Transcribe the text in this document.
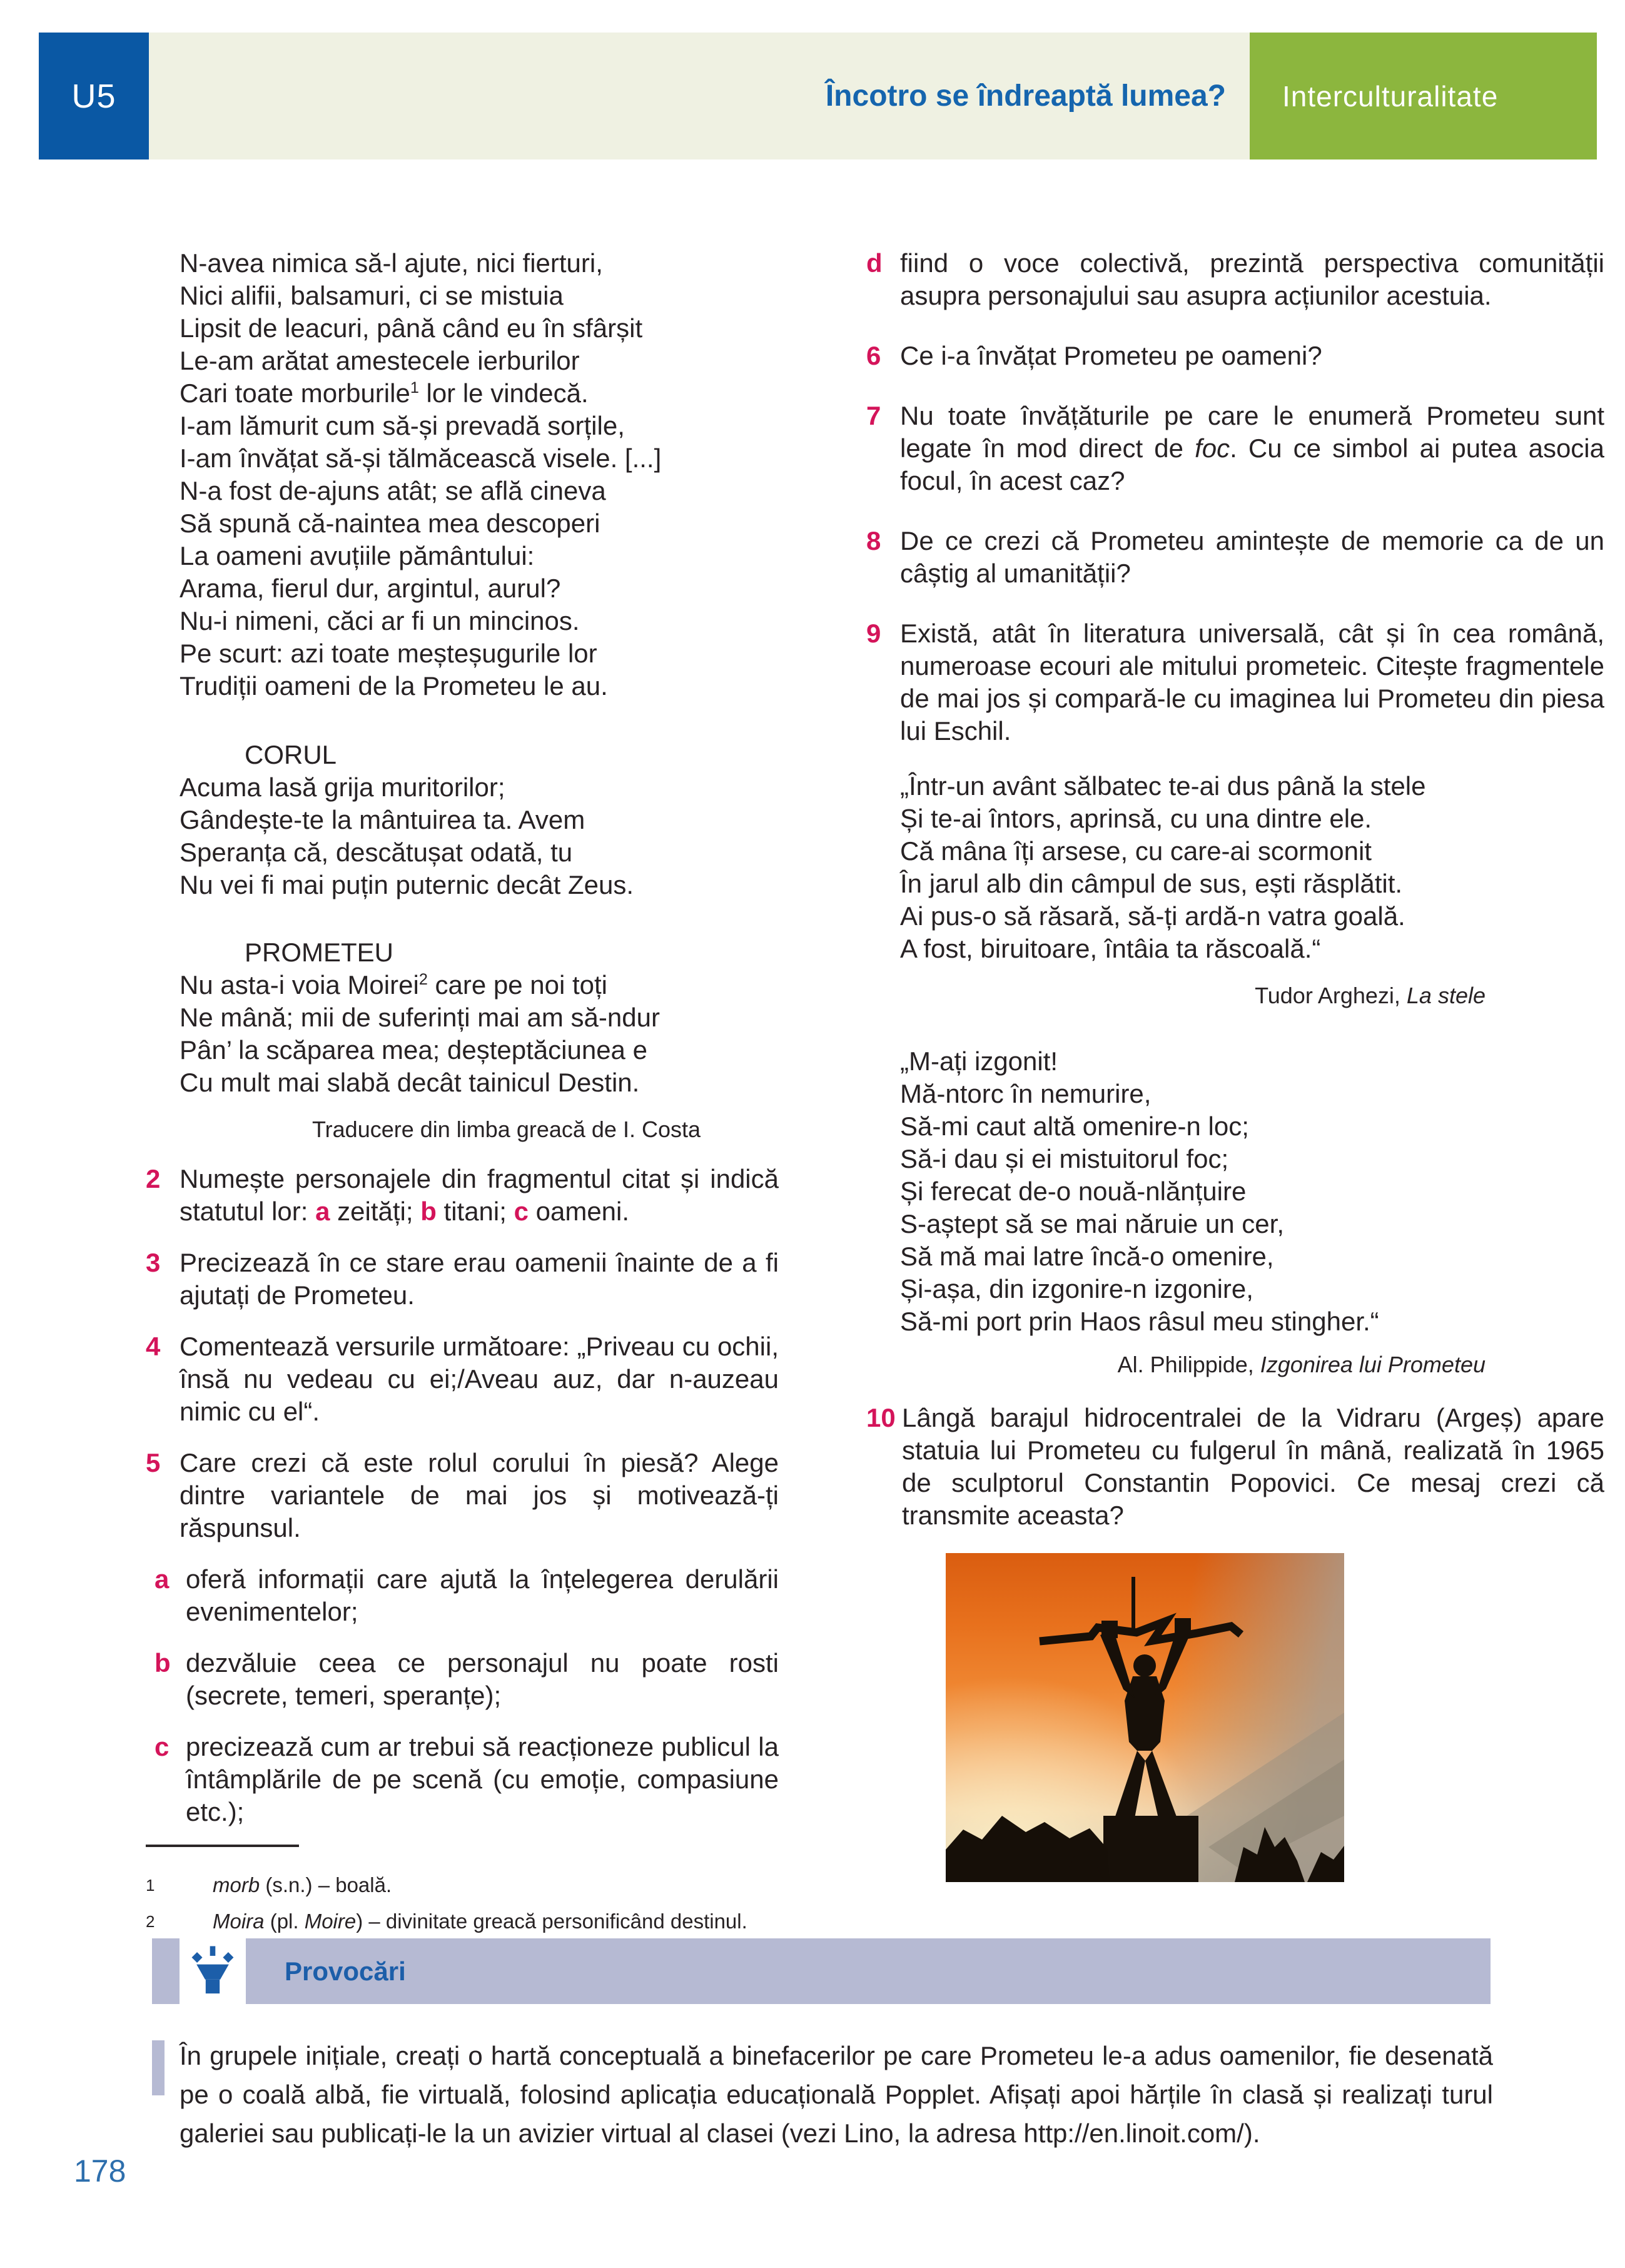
U5	Încotro se îndreaptă lumea?	Interculturalitate
N-avea nimica să-l ajute, nici fierturi,
Nici alifii, balsamuri, ci se mistuia
Lipsit de leacuri, până când eu în sfârșit
Le-am arătat amestecele ierburilor
Cari toate morburile$^1$ lor le vindecă.
I-am lămurit cum să-și prevadă sorțile,
I-am învățat să-și tălmăcească visele. [...]
N-a fost de-ajuns atât; se află cineva
Să spună că-naintea mea descoperi
La oameni avuțiile pământului:
Arama, fierul dur, argintul, aurul?
Nu-i nimeni, căci ar fi un mincinos.
Pe scurt: azi toate meșteșugurile lor
Trudiții oameni de la Prometeu le au.
CORUL
Acuma lasă grija muritorilor;
Gândește-te la mântuirea ta. Avem
Speranța că, descătușat odată, tu
Nu vei fi mai puțin puternic decât Zeus.
PROMETEU
Nu asta-i voia Moirei$^2$ care pe noi toți
Ne mână; mii de suferinți mai am să-ndur
Pân’ la scăparea mea; deșteptăciunea e
Cu mult mai slabă decât tainicul Destin.
Traducere din limba greacă de I. Costa
2 Numește personajele din fragmentul citat și indică statutul lor: a zeități; b titani; c oameni.
3 Precizează în ce stare erau oamenii înainte de a fi ajutați de Prometeu.
4 Comentează versurile următoare: „Priveau cu ochii, însă nu vedeau cu ei;/Aveau auz, dar n-auzeau nimic cu el“.
5 Care crezi că este rolul corului în piesă? Alege dintre variantele de mai jos și motivează-ți răspunsul.
a oferă informații care ajută la înțelegerea derulării evenimentelor;
b dezvăluie ceea ce personajul nu poate rosti (secrete, temeri, speranțe);
c precizează cum ar trebui să reacționeze publicul la întâmplările de pe scenă (cu emoție, compasiune etc.);
1	morb (s.n.) – boală.
2	Moira (pl. Moire) – divinitate greacă personificând destinul.
d fiind o voce colectivă, prezintă perspectiva comunității asupra personajului sau asupra acțiunilor acestuia.
6 Ce i-a învățat Prometeu pe oameni?
7 Nu toate învățăturile pe care le enumeră Prometeu sunt legate în mod direct de foc. Cu ce simbol ai putea asocia focul, în acest caz?
8 De ce crezi că Prometeu amintește de memorie ca de un câștig al umanității?
9 Există, atât în literatura universală, cât și în cea română, numeroase ecouri ale mitului prometeic. Citește fragmentele de mai jos și compară-le cu imaginea lui Prometeu din piesa lui Eschil.
„Într-un avânt sălbatec te-ai dus până la stele
Și te-ai întors, aprinsă, cu una dintre ele.
Că mâna îți arsese, cu care-ai scormonit
În jarul alb din câmpul de sus, ești răsplătit.
Ai pus-o să răsară, să-ți ardă-n vatra goală.
A fost, biruitoare, întâia ta răscoală.“
Tudor Arghezi, La stele
„M-ați izgonit!
Mă-ntorc în nemurire,
Să-mi caut altă omenire-n loc;
Să-i dau și ei mistuitorul foc;
Și ferecat de-o nouă-nlănțuire
S-aștept să se mai năruie un cer,
Să mă mai latre încă-o omenire,
Și-așa, din izgonire-n izgonire,
Să-mi port prin Haos râsul meu stingher.“
Al. Philippide, Izgonirea lui Prometeu
10 Lângă barajul hidrocentralei de la Vidraru (Argeș) apare statuia lui Prometeu cu fulgerul în mână, realizată în 1965 de sculptorul Constantin Popovici. Ce mesaj crezi că transmite aceasta?
Provocări
În grupele inițiale, creați o hartă conceptuală a binefacerilor pe care Prometeu le-a adus oamenilor, fie desenată pe o coală albă, fie virtuală, folosind aplicația educațională Popplet. Afișați apoi hărțile în clasă și realizați turul galeriei sau publicați-le la un avizier virtual al clasei (vezi Lino, la adresa http://en.linoit.com/).
178
